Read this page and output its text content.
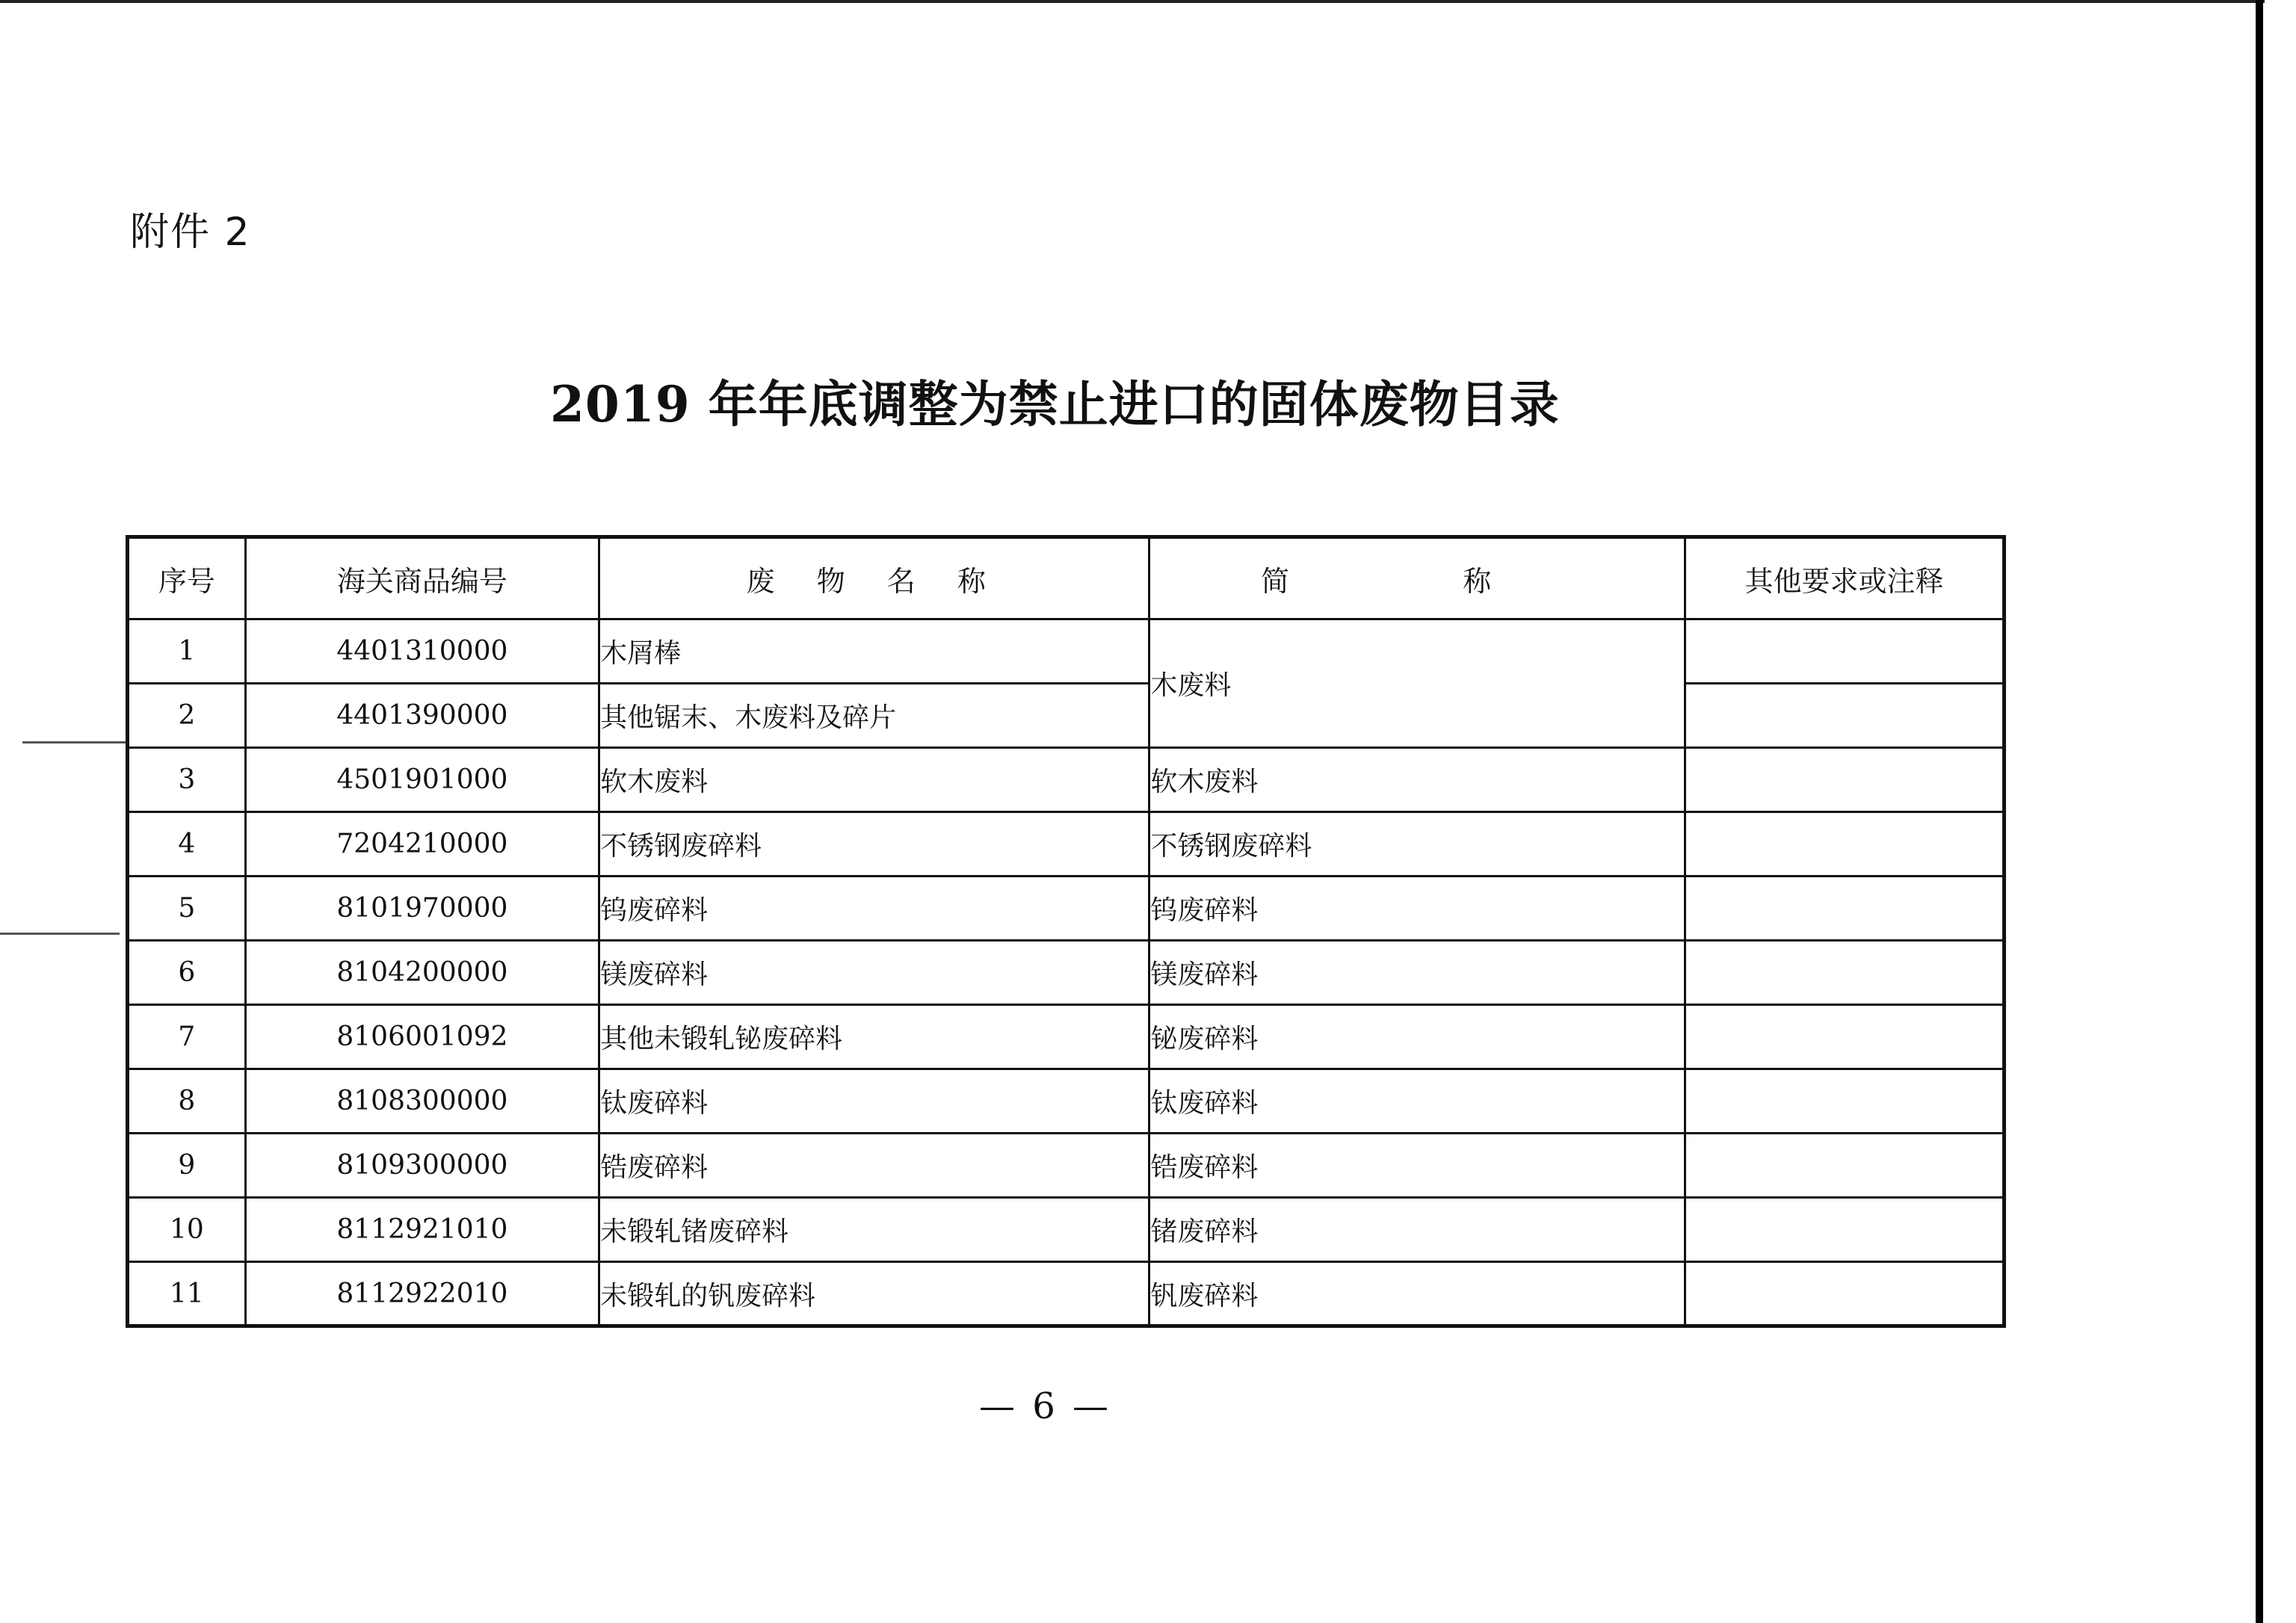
附件 2
2019 年年底调整为禁止进口的固体废物目录
序号	海关商品编号	废 物 名 称	简 称	其他要求或注释
1	4401310000	木屑棒	木废料	
2	4401390000	其他锯末、木废料及碎片		
3	4501901000	软木废料	软木废料	
4	7204210000	不锈钢废碎料	不锈钢废碎料	
5	8101970000	钨废碎料	钨废碎料	
6	8104200000	镁废碎料	镁废碎料	
7	8106001092	其他未锻轧铋废碎料	铋废碎料	
8	8108300000	钛废碎料	钛废碎料	
9	8109300000	锆废碎料	锆废碎料	
10	8112921010	未锻轧锗废碎料	锗废碎料	
11	8112922010	未锻轧的钒废碎料	钒废碎料	
— 6 —
